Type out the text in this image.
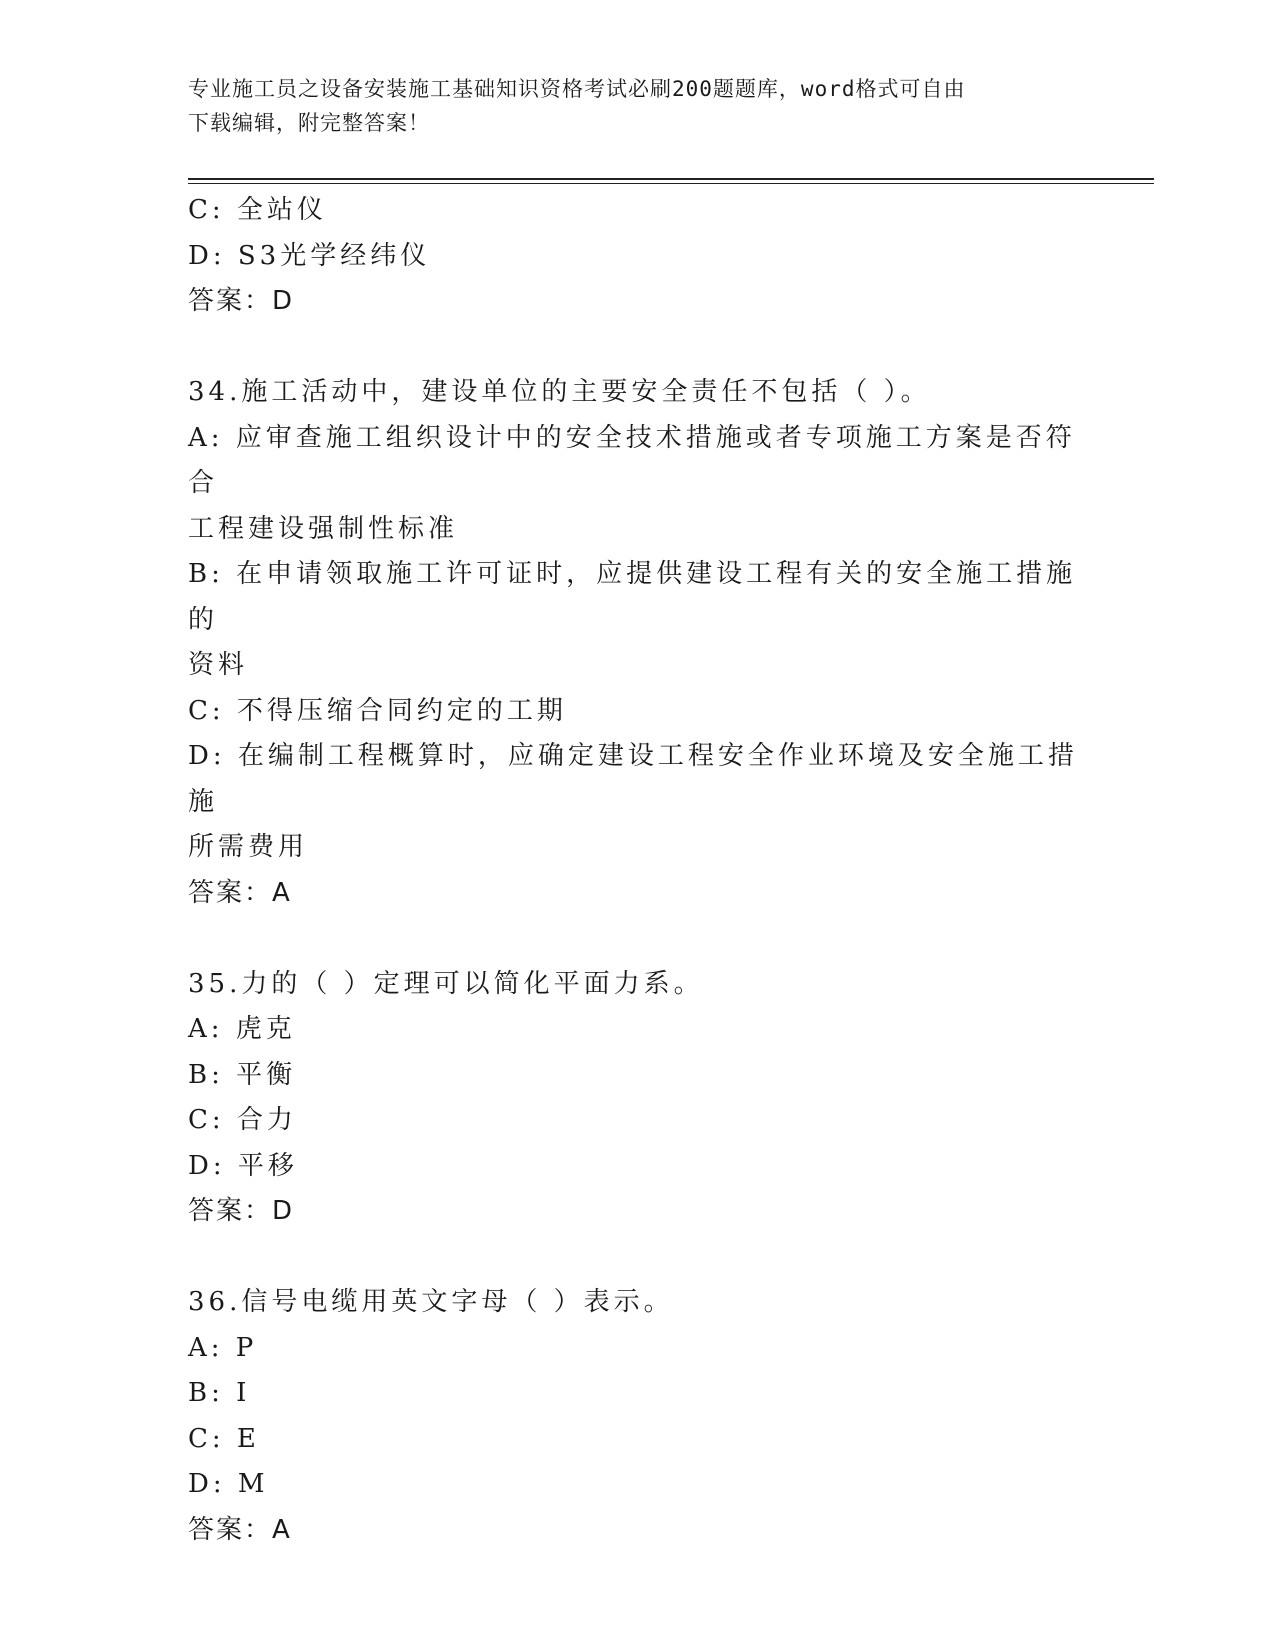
专业施工员之设备安装施工基础知识资格考试必刷200题题库，word格式可自由
下载编辑，附完整答案！
C: 全站仪
D: S3光学经纬仪
答案：D
34.施工活动中，建设单位的主要安全责任不包括（ ）。
A: 应审查施工组织设计中的安全技术措施或者专项施工方案是否符合
工程建设强制性标准
B: 在申请领取施工许可证时，应提供建设工程有关的安全施工措施的
资料
C: 不得压缩合同约定的工期
D: 在编制工程概算时，应确定建设工程安全作业环境及安全施工措施
所需费用
答案：A
35.力的（ ）定理可以简化平面力系。
A: 虎克
B: 平衡
C: 合力
D: 平移
答案：D
36.信号电缆用英文字母（ ）表示。
A: P
B: I
C: E
D: M
答案：A
